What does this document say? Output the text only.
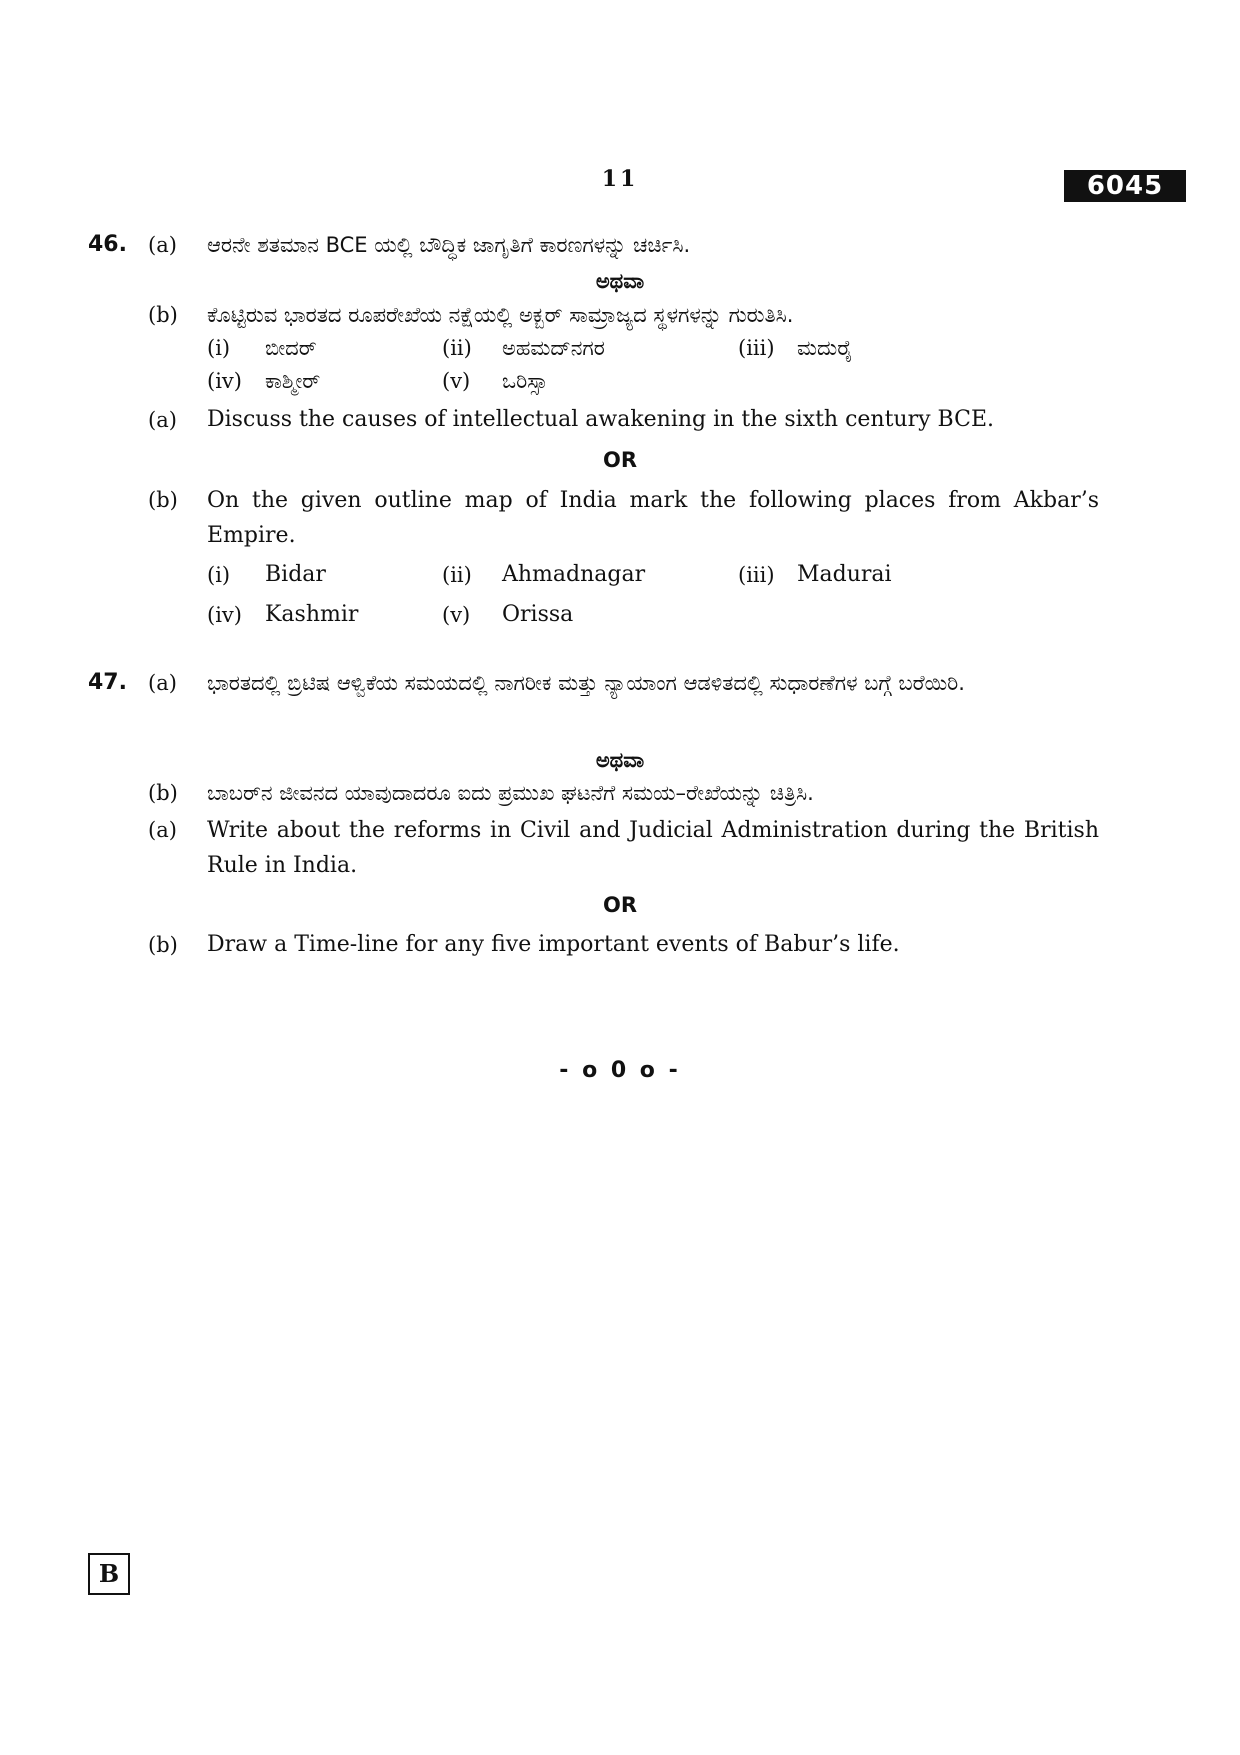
11	6045
46. (a) ಆರನೇ ಶತಮಾನ BCE ಯಲ್ಲಿ ಬೌದ್ಧಿಕ ಜಾಗೃತಿಗೆ ಕಾರಣಗಳನ್ನು ಚರ್ಚಿಸಿ.
ಅಥವಾ
(b) ಕೊಟ್ಟಿರುವ ಭಾರತದ ರೂಪರೇಖೆಯ ನಕ್ಷೆಯಲ್ಲಿ ಅಕ್ಬರ್ ಸಾಮ್ರಾಜ್ಯದ ಸ್ಥಳಗಳನ್ನು ಗುರುತಿಸಿ.
(i) ಬೀದರ್	(ii) ಅಹಮದ್‌ನಗರ	(iii) ಮದುರೈ
(iv) ಕಾಶ್ಮೀರ್	(v) ಒರಿಸ್ಸಾ
(a) Discuss the causes of intellectual awakening in the sixth century BCE.
OR
(b) On the given outline map of India mark the following places from Akbar’s Empire.
(i) Bidar	(ii) Ahmadnagar	(iii) Madurai
(iv) Kashmir	(v) Orissa
47. (a) ಭಾರತದಲ್ಲಿ ಬ್ರಿಟಿಷ ಆಳ್ವಿಕೆಯ ಸಮಯದಲ್ಲಿ ನಾಗರೀಕ ಮತ್ತು ನ್ಯಾಯಾಂಗ ಆಡಳಿತದಲ್ಲಿ ಸುಧಾರಣೆಗಳ ಬಗ್ಗೆ ಬರೆಯಿರಿ.
ಅಥವಾ
(b) ಬಾಬರ್‌ನ ಜೀವನದ ಯಾವುದಾದರೂ ಐದು ಪ್ರಮುಖ ಘಟನೆಗೆ ಸಮಯ–ರೇಖೆಯನ್ನು ಚಿತ್ರಿಸಿ.
(a) Write about the reforms in Civil and Judicial Administration during the British Rule in India.
OR
(b) Draw a Time-line for any five important events of Babur’s life.
- o 0 o -
B
